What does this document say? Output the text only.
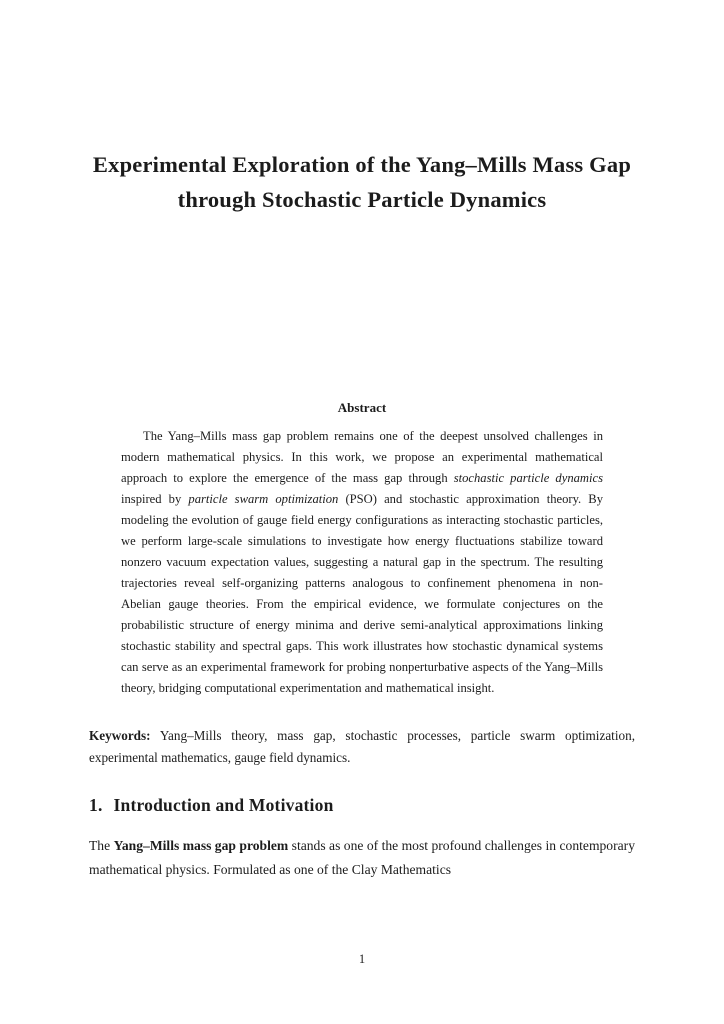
Experimental Exploration of the Yang–Mills Mass Gap through Stochastic Particle Dynamics
Abstract

The Yang–Mills mass gap problem remains one of the deepest unsolved challenges in modern mathematical physics. In this work, we propose an experimental mathematical approach to explore the emergence of the mass gap through stochastic particle dynamics inspired by particle swarm optimization (PSO) and stochastic approximation theory. By modeling the evolution of gauge field energy configurations as interacting stochastic particles, we perform large-scale simulations to investigate how energy fluctuations stabilize toward nonzero vacuum expectation values, suggesting a natural gap in the spectrum. The resulting trajectories reveal self-organizing patterns analogous to confinement phenomena in non-Abelian gauge theories. From the empirical evidence, we formulate conjectures on the probabilistic structure of energy minima and derive semi-analytical approximations linking stochastic stability and spectral gaps. This work illustrates how stochastic dynamical systems can serve as an experimental framework for probing nonperturbative aspects of the Yang–Mills theory, bridging computational experimentation and mathematical insight.

Keywords: Yang–Mills theory, mass gap, stochastic processes, particle swarm optimization, experimental mathematics, gauge field dynamics.

1. Introduction and Motivation

The Yang–Mills mass gap problem stands as one of the most profound challenges in contemporary mathematical physics. Formulated as one of the Clay Mathematics

1
